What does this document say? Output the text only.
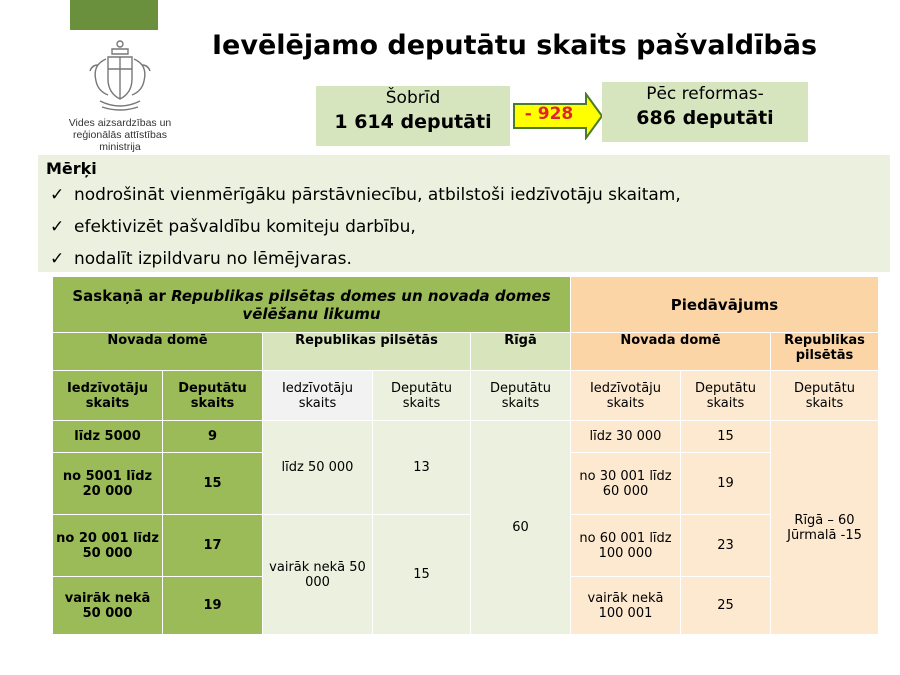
Vides aizsardzības un
reģionālās attīstības
ministrija
Ievēlējamo deputātu skaits pašvaldībās
Šobrīd
1 614 deputāti	- 928
Pēc reformas-
686 deputāti
Mērķi
✓ nodrošināt vienmērīgāku pārstāvniecību, atbilstoši iedzīvotāju skaitam,
✓ efektivizēt pašvaldību komiteju darbību,
✓ nodalīt izpildvaru no lēmējvaras.
Saskaņā ar Republikas pilsētas domes un novada domes vēlēšanu likumu					Piedāvājums		
Novada domē		Republikas pilsētās		Rīgā	Novada domē		Republikas pilsētās
Iedzīvotāju skaits	Deputātu skaits	Iedzīvotāju skaits	Deputātu skaits	Deputātu skaits	Iedzīvotāju skaits	Deputātu skaits	Deputātu skaits
līdz 5000	9	līdz 50 000	13	60	līdz 30 000	15	Rīgā – 60
Jūrmalā -15

no 5001 līdz 20 000	15				no 30 001 līdz 60 000	19	
no 20 001 līdz 50 000	17	vairāk nekā 50 000	15		no 60 001 līdz 100 000	23	
vairāk nekā 50 000	19				vairāk nekā 100 001	25	
